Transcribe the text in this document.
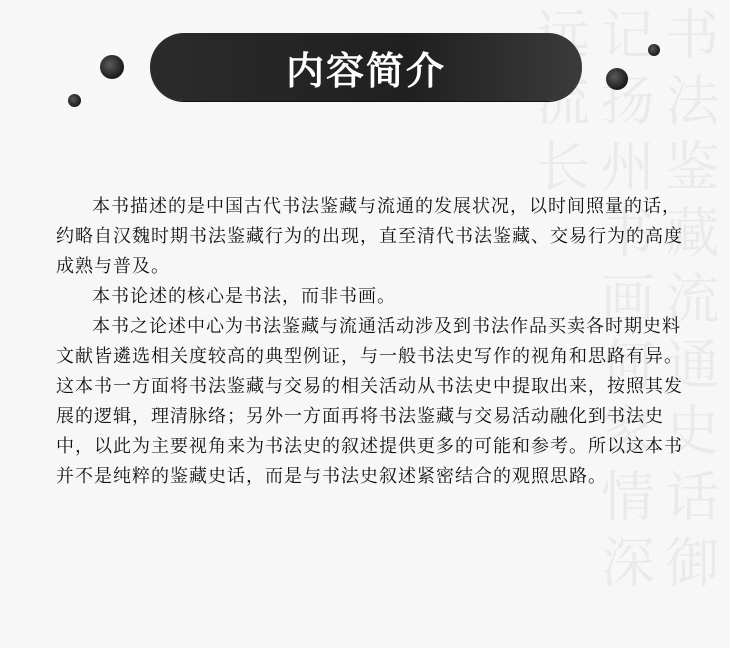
书法鉴藏流通史话御记扬州书画何家情深远流长
内容简介

本书描述的是中国古代书法鉴藏与流通的发展状况，以时间照量的话，约略自汉魏时期书法鉴藏行为的出现，直至清代书法鉴藏、交易行为的高度成熟与普及。

本书论述的核心是书法，而非书画。

本书之论述中心为书法鉴藏与流通活动涉及到书法作品买卖各时期史料文献皆遴选相关度较高的典型例证，与一般书法史写作的视角和思路有异。这本书一方面将书法鉴藏与交易的相关活动从书法史中提取出来，按照其发展的逻辑，理清脉络；另外一方面再将书法鉴藏与交易活动融化到书法史中，以此为主要视角来为书法史的叙述提供更多的可能和参考。所以这本书并不是纯粹的鉴藏史话，而是与书法史叙述紧密结合的观照思路。
